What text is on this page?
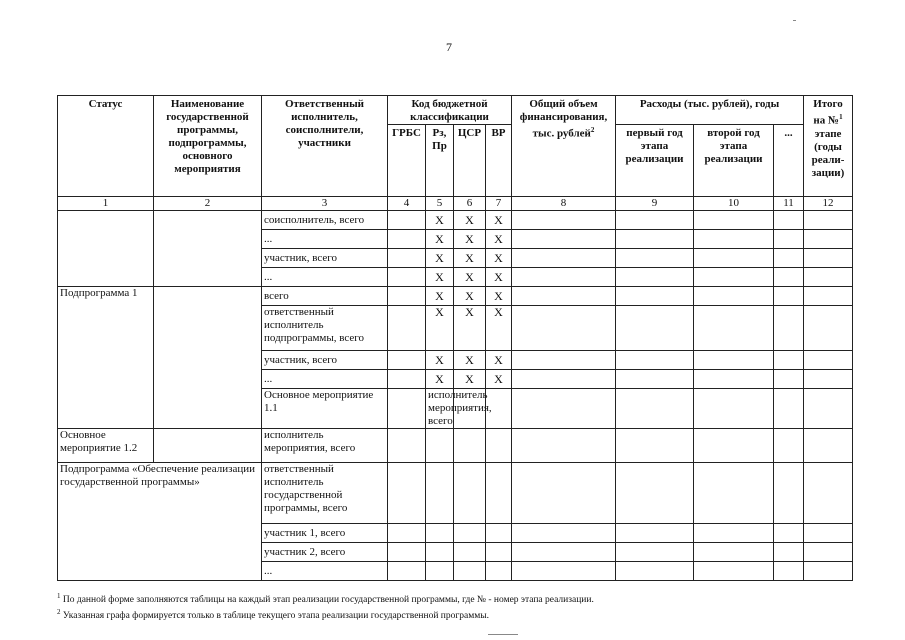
7
Статус	Наименование государственной программы, подпрограммы, основного мероприятия	Ответственный исполнитель, соисполнители, участники	Код бюджетной классификации				Общий объем финансирования, тыс. рублей$^2$	Расходы (тыс. рублей), годы			Итого на №$^1$ этапе (годы реали-зации)	
			ГРБС	Рз, Пр	ЦСР	ВР		первый год этапа реализации	второй год этапа реализации	...		
1	2	3	4	5	6	7	8	9	10	11	12	
		соисполнитель, всего		Х	Х	Х						
		...		Х	Х	Х						
		участник, всего		Х	Х	Х						
		...		Х	Х	Х						
Подпрограмма 1		всего		Х	Х	Х						
		ответственный исполнитель подпрограммы, всего		Х	Х	Х						
		участник, всего		Х	Х	Х						
		...		Х	Х	Х						
		Основное мероприятие 1.1		исполнитель мероприятия, всего									
Основное мероприятие 1.2		исполнитель мероприятия, всего										
Подпрограмма «Обеспечение реализации государственной программы»		ответственный исполнитель государственной программы, всего										
		участник 1, всего										
		участник 2, всего										
		...										
$^1$ По данной форме заполняются таблицы на каждый этап реализации государственной программы, где № - номер этапа реализации.
$^2$ Указанная графа формируется только в таблице текущего этапа реализации государственной программы.
